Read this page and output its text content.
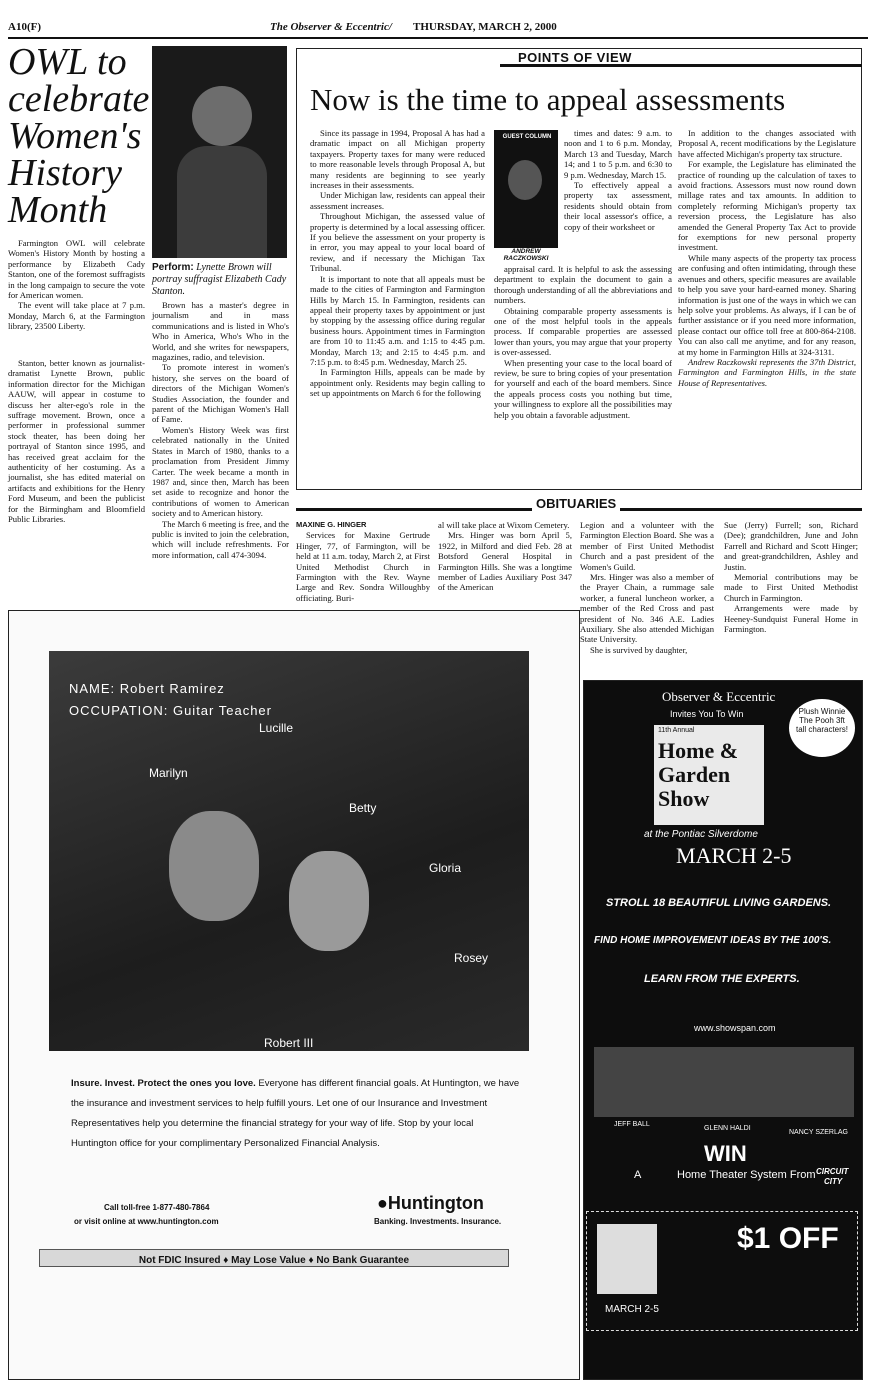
A10(F)	The Observer & Eccentric/ THURSDAY, MARCH 2, 2000
OWL to
celebrate
Women's
History
Month
Perform: Lynette Brown will portray suffragist Elizabeth Cady Stanton.

Farmington OWL will celebrate Women's History Month by hosting a performance by Elizabeth Cady Stanton, one of the foremost suffragists in the long campaign to secure the vote for American women.

The event will take place at 7 p.m. Monday, March 6, at the Farmington library, 23500 Liberty.

Stanton, better known as journalist-dramatist Lynette Brown, public information director for the Michigan AAUW, will appear in costume to discuss her alter-ego's role in the suffrage movement. Brown, once a performer in professional summer stock theater, has been doing her portrayal of Stanton since 1995, and has received great acclaim for the authenticity of her costuming. As a journalist, she has edited material on artifacts and exhibitions for the Henry Ford Museum, and been the publicist for the Birmingham and Bloomfield Public Libraries.

Brown has a master's degree in journalism and in mass communications and is listed in Who's Who in America, Who's Who in the World, and she writes for newspapers, magazines, radio, and television.

To promote interest in women's history, she serves on the board of directors of the Michigan Women's Studies Association, the founder and parent of the Michigan Women's Hall of Fame.

Women's History Week was first celebrated nationally in the United States in March of 1980, thanks to a proclamation from President Jimmy Carter. The week became a month in 1987 and, since then, March has been set aside to recognize and honor the contributions of women to American society and to American history.

The March 6 meeting is free, and the public is invited to join the celebration, which will include refreshments. For more information, call 474-3094.

POINTS OF VIEW
Now is the time to appeal assessments

Since its passage in 1994, Proposal A has had a dramatic impact on all Michigan property taxpayers. Property taxes for many were reduced to more reasonable levels through Proposal A, but many residents are beginning to see yearly increases in their assessments.

Under Michigan law, residents can appeal their assessment increases.

Throughout Michigan, the assessed value of property is determined by a local assessing officer. If you believe the assessment on your property is in error, you may appeal to your local board of review, and if necessary the Michigan Tax Tribunal.

It is important to note that all appeals must be made to the cities of Farmington and Farmington Hills by March 15. In Farmington, residents can appeal their property taxes by appointment or just by stopping by the assessing office during regular business hours. Appointment times in Farmington are from 10 to 11:45 a.m. and 1:15 to 4:45 p.m. Monday, March 13; and 2:15 to 4:45 p.m. and 7:15 p.m. to 8:45 p.m. Wednesday, March 25.

In Farmington Hills, appeals can be made by appointment only. Residents may begin calling to set up appointments on March 6 for the following

GUEST COLUMN
ANDREW RACZKOWSKI

times and dates: 9 a.m. to noon and 1 to 6 p.m. Monday, March 13 and Tuesday, March 14; and 1 to 5 p.m. and 6:30 to 9 p.m. Wednesday, March 15.

To effectively appeal a property tax assessment, residents should obtain from their local assessor's office, a copy of their worksheet or

appraisal card. It is helpful to ask the assessing department to explain the document to gain a thorough understanding of all the abbreviations and numbers.

Obtaining comparable property assessments is one of the most helpful tools in the appeals process. If comparable properties are assessed lower than yours, you may argue that your property is over-assessed.

When presenting your case to the local board of review, be sure to bring copies of your presentation for yourself and each of the board members. Since the appeals process costs you nothing but time, your willingness to explore all the possibilities may help you obtain a favorable adjustment.

In addition to the changes associated with Proposal A, recent modifications by the Legislature have affected Michigan's property tax structure.

For example, the Legislature has eliminated the practice of rounding up the calculation of taxes to avoid fractions. Assessors must now round down millage rates and tax amounts. In addition to completely reforming Michigan's property tax reversion process, the Legislature has also amended the General Property Tax Act to provide for exemptions for new personal property investment.

While many aspects of the property tax process are confusing and often intimidating, through these avenues and others, specific measures are available to help you save your hard-earned money. Sharing information is just one of the ways in which we can help solve your problems. As always, if I can be of further assistance or if you need more information, please contact our office toll free at 800-864-2108. You can also call me anytime, and for any reason, at my home in Farmington Hills at 324-3131.

Andrew Raczkowski represents the 37th District, Farmington and Farmington Hills, in the state House of Representatives.

OBITUARIES
MAXINE G. HINGER

Services for Maxine Gertrude Hinger, 77, of Farmington, will be held at 11 a.m. today, March 2, at First United Methodist Church in Farmington with the Rev. Wayne Large and Rev. Sondra Willoughby officiating. Buri-

al will take place at Wixom Cemetery.

Mrs. Hinger was born April 5, 1922, in Milford and died Feb. 28 at Botsford General Hospital in Farmington Hills. She was a longtime member of Ladies Auxiliary Post 347 of the American

Legion and a volunteer with the Farmington Election Board. She was a member of First United Methodist Church and a past president of the Women's Guild.

Mrs. Hinger was also a member of the Prayer Chain, a rummage sale worker, a funeral luncheon worker, a member of the Red Cross and past president of No. 346 A.E. Ladies Auxiliary. She also attended Michigan State University.

She is survived by daughter,

Sue (Jerry) Furrell; son, Richard (Dee); grandchildren, June and John Farrell and Richard and Scott Hinger; and great-grandchildren, Ashley and Justin.

Memorial contributions may be made to First United Methodist Church in Farmington.

Arrangements were made by Heeney-Sundquist Funeral Home in Farmington.

NAME: Robert Ramirez
OCCUPATION: Guitar Teacher
Lucille
Marilyn
Betty
Gloria
Rosey
Robert III
Insure. Invest. Protect the ones you love. Everyone has different financial goals. At Huntington, we have the insurance and investment services to help fulfill yours. Let one of our Insurance and Investment Representatives help you determine the financial strategy for your way of life. Stop by your local Huntington office for your complimentary Personalized Financial Analysis.
Call toll-free 1-877-480-7864
or visit online at www.huntington.com
●Huntington
Banking. Investments. Insurance.
Not FDIC Insured ♦ May Lose Value ♦ No Bank Guarantee
Observer & Eccentric
Invites You To Win
11th Annual
Home &
Garden
Show
Plush Winnie The Pooh 3ft tall characters!
at the Pontiac Silverdome
MARCH 2-5
STROLL 18 BEAUTIFUL LIVING GARDENS.
FIND HOME IMPROVEMENT IDEAS BY THE 100'S.
LEARN FROM THE EXPERTS.
www.showspan.com
JEFF BALL
GLENN HALDI
NANCY SZERLAG
WIN
A	Home Theater System From CIRCUIT
CITY
$1 OFF
MARCH 2-5
